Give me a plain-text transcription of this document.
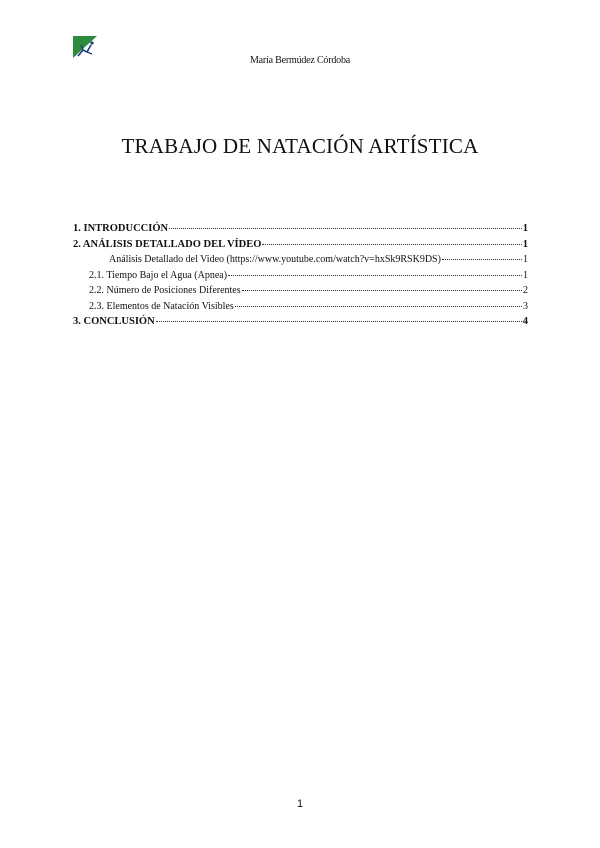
María Bermúdez Córdoba
TRABAJO DE NATACIÓN ARTÍSTICA
1. INTRODUCCIÓN	1
2. ANÁLISIS DETALLADO DEL VÍDEO	1
Análisis Detallado del Video (https://www.youtube.com/watch?v=hxSk9RSK9DS)	1
2.1. Tiempo Bajo el Agua (Apnea)	1
2.2. Número de Posiciones Diferentes	2
2.3. Elementos de Natación Visibles	3
3. CONCLUSIÓN	4
1
